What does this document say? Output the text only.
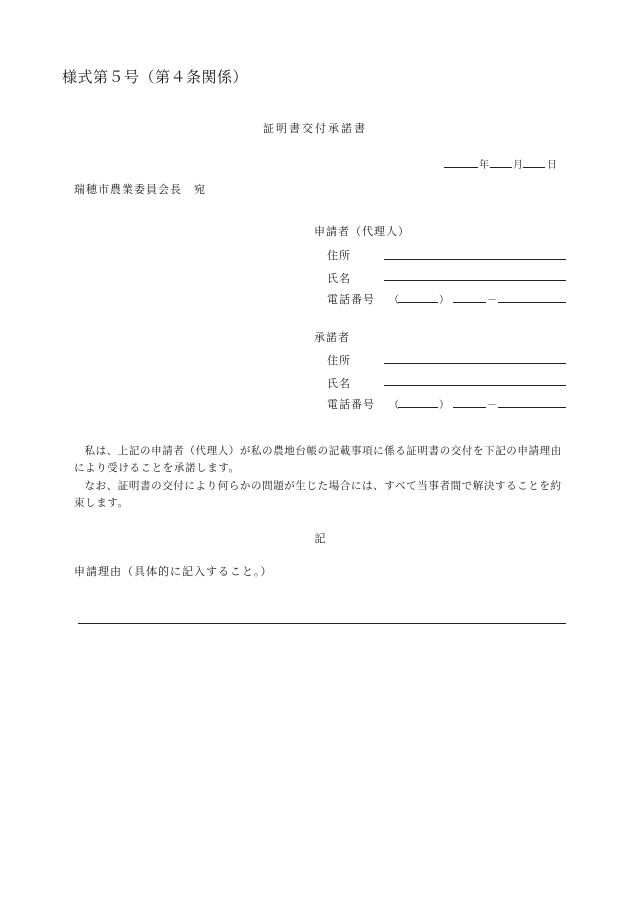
様式第５号（第４条関係）
証明書交付承諾書
年 月 日
瑞穂市農業委員会長　宛
申請者（代理人）
住所
氏名
電話番号 （	）	－
承諾者
住所
氏名
電話番号 （	）	－
私は、上記の申請者（代理人）が私の農地台帳の記載事項に係る証明書の交付を下記の申請理由により受けることを承諾します。
なお、証明書の交付により何らかの問題が生じた場合には、すべて当事者間で解決することを約束します。
記
申請理由（具体的に記入すること。）
